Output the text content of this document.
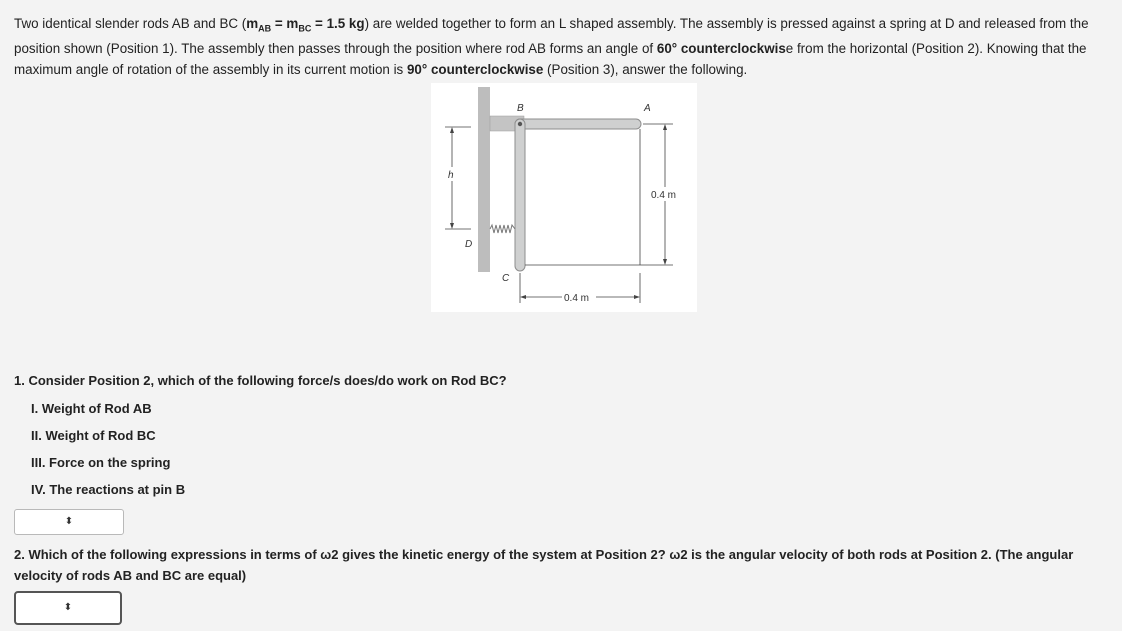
Two identical slender rods AB and BC ($m_{AB} = m_{BC} = 1.5$ kg) are welded together to form an L shaped assembly. The assembly is pressed against a spring at D and released from the position shown (Position 1). The assembly then passes through the position where rod AB forms an angle of 60° counterclockwise from the horizontal (Position 2). Knowing that the maximum angle of rotation of the assembly in its current motion is 90° counterclockwise (Position 3), answer the following.

h
0.4 m
0.4 m
B	A
D
C

1. Consider Position 2, which of the following force/s does/do work on Rod BC?

I. Weight of Rod AB

II. Weight of Rod BC

III. Force on the spring

IV. The reactions at pin B

⬍

2. Which of the following expressions in terms of ω2 gives the kinetic energy of the system at Position 2? ω2 is the angular velocity of both rods at Position 2. (The angular velocity of rods AB and BC are equal)

⬍
